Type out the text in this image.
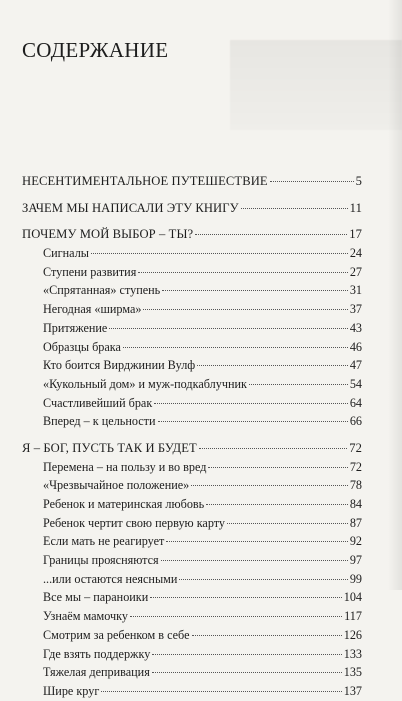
СОДЕРЖАНИЕ
НЕСЕНТИМЕНТАЛЬНОЕ ПУТЕШЕСТВИЕ	5
ЗАЧЕМ МЫ НАПИСАЛИ ЭТУ КНИГУ	11
ПОЧЕМУ МОЙ ВЫБОР – ТЫ?	17
Сигналы	24
Ступени развития	27
«Спрятанная» ступень	31
Негодная «ширма»	37
Притяжение	43
Образцы брака	46
Кто боится Вирджинии Вулф	47
«Кукольный дом» и муж-подкаблучник	54
Счастливейший брак	64
Вперед – к цельности	66
Я – БОГ, ПУСТЬ ТАК И БУДЕТ	72
Перемена – на пользу и во вред	72
«Чрезвычайное положение»	78
Ребенок и материнская любовь	84
Ребенок чертит свою первую карту	87
Если мать не реагирует	92
Границы проясняются	97
...или остаются неясными	99
Все мы – параноики	104
Узнаём мамочку	117
Смотрим за ребенком в себе	126
Где взять поддержку	133
Тяжелая депривация	135
Шире круг	137
